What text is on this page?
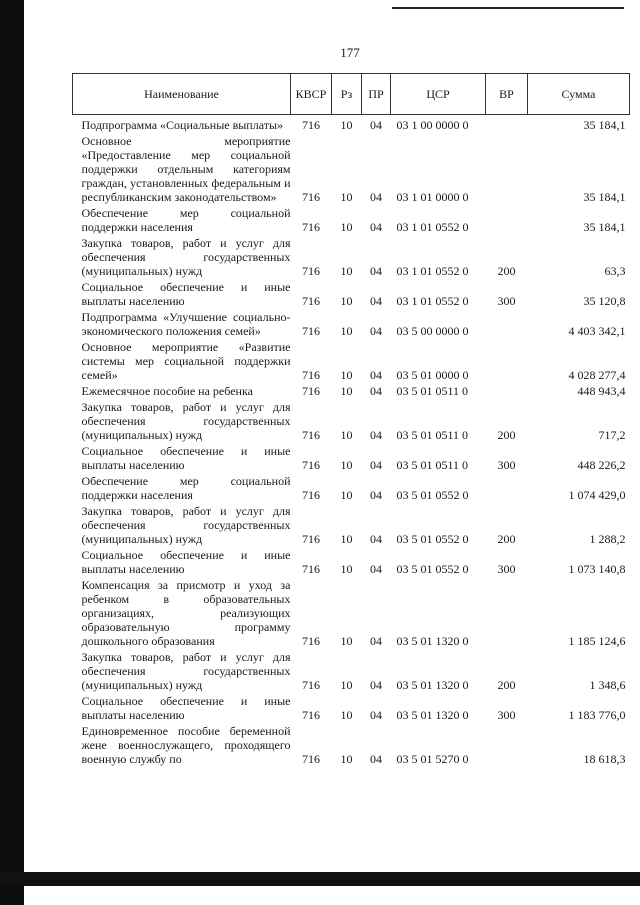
177
Наименование	КВСР	Рз	ПР	ЦСР	ВР	Сумма
Подпрограмма «Социальные выплаты»	716	10	04	03 1 00 0000 0		35 184,1
Основное мероприятие «Предоставление мер социальной поддержки отдельным категориям граждан, установленных федеральным и республиканским законодательством»	716	10	04	03 1 01 0000 0		35 184,1
Обеспечение мер социальной поддержки населения	716	10	04	03 1 01 0552 0		35 184,1
Закупка товаров, работ и услуг для обеспечения государственных (муниципальных) нужд	716	10	04	03 1 01 0552 0	200	63,3
Социальное обеспечение и иные выплаты населению	716	10	04	03 1 01 0552 0	300	35 120,8
Подпрограмма «Улучшение социально-экономического положения семей»	716	10	04	03 5 00 0000 0		4 403 342,1
Основное мероприятие «Развитие системы мер социальной поддержки семей»	716	10	04	03 5 01 0000 0		4 028 277,4
Ежемесячное пособие на ребенка	716	10	04	03 5 01 0511 0		448 943,4
Закупка товаров, работ и услуг для обеспечения государственных (муниципальных) нужд	716	10	04	03 5 01 0511 0	200	717,2
Социальное обеспечение и иные выплаты населению	716	10	04	03 5 01 0511 0	300	448 226,2
Обеспечение мер социальной поддержки населения	716	10	04	03 5 01 0552 0		1 074 429,0
Закупка товаров, работ и услуг для обеспечения государственных (муниципальных) нужд	716	10	04	03 5 01 0552 0	200	1 288,2
Социальное обеспечение и иные выплаты населению	716	10	04	03 5 01 0552 0	300	1 073 140,8
Компенсация за присмотр и уход за ребенком в образовательных организациях, реализующих образовательную программу дошкольного образования	716	10	04	03 5 01 1320 0		1 185 124,6
Закупка товаров, работ и услуг для обеспечения государственных (муниципальных) нужд	716	10	04	03 5 01 1320 0	200	1 348,6
Социальное обеспечение и иные выплаты населению	716	10	04	03 5 01 1320 0	300	1 183 776,0
Единовременное пособие беременной жене военнослужащего, проходящего военную службу по	716	10	04	03 5 01 5270 0		18 618,3
